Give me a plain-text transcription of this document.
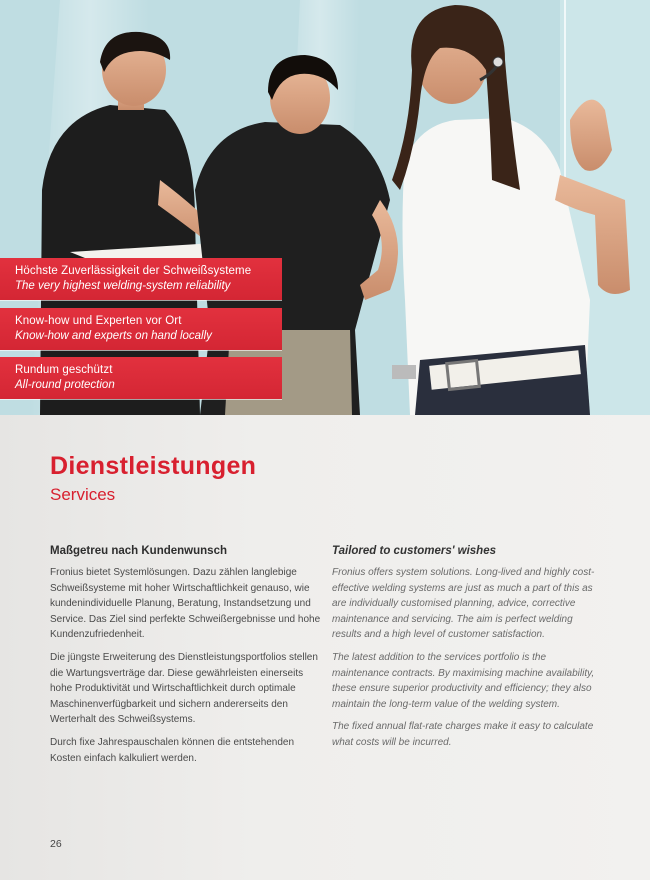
Höchste Zuverlässigkeit der Schweißsysteme
The very highest welding-system reliability
Know-how und Experten vor Ort
Know-how and experts on hand locally
Rundum geschützt
All-round protection
Dienstleistungen
Services
Maßgetreu nach Kundenwunsch

Fronius bietet Systemlösungen. Dazu zählen langlebige Schweißsysteme mit hoher Wirtschaftlichkeit genauso, wie kundenindividuelle Planung, Beratung, Instandsetzung und Service. Das Ziel sind perfekte Schweißergebnisse und hohe Kundenzufriedenheit.

Die jüngste Erweiterung des Dienstleistungsportfolios stellen die Wartungsverträge dar. Diese gewährleisten einerseits hohe Produktivität und Wirtschaftlichkeit durch optimale Maschinenverfügbarkeit und sichern andererseits den Werterhalt des Schweißsystems.

Durch fixe Jahrespauschalen können die entstehenden Kosten einfach kalkuliert werden.

Tailored to customers' wishes

Fronius offers system solutions. Long-lived and highly cost-effective welding systems are just as much a part of this as are individually customised planning, advice, corrective maintenance and servicing. The aim is perfect welding results and a high level of customer satisfaction.

The latest addition to the services portfolio is the maintenance contracts. By maximising machine availability, these ensure superior productivity and efficiency; they also maintain the long-term value of the welding system.

The fixed annual flat-rate charges make it easy to calculate what costs will be incurred.

26
